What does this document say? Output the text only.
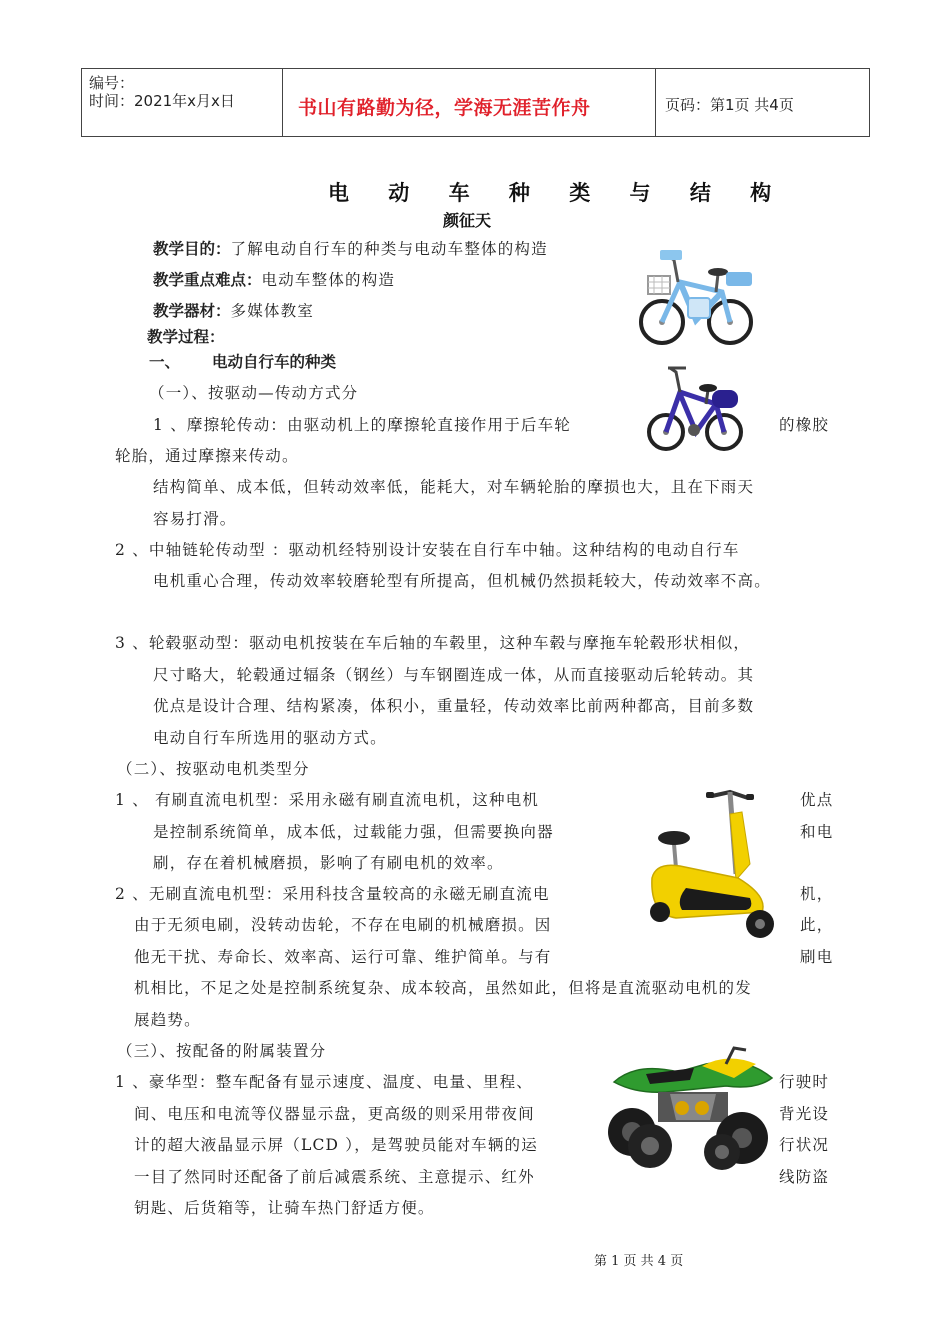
编号：
时间：2021年x月x日	书山有路勤为径，学海无涯苦作舟	页码：第1页 共4页
电 动 车 种 类 与 结 构
颜征天
教学目的：了解电动自行车的种类与电动车整体的构造
教学重点难点：电动车整体的构造
教学器材：多媒体教室
教学过程：
一、 电动自行车的种类
（一）、按驱动—传动方式分
1 、摩擦轮传动：由驱动机上的摩擦轮直接作用于后车轮	的橡胶
轮胎，通过摩擦来传动。
结构简单、成本低，但转动效率低，能耗大，对车辆轮胎的摩损也大，且在下雨天
容易打滑。
2 、中轴链轮传动型 ：驱动机经特别设计安装在自行车中轴。这种结构的电动自行车
电机重心合理，传动效率较磨轮型有所提高，但机械仍然损耗较大，传动效率不高。
3 、轮毂驱动型：驱动电机按装在车后轴的车毂里，这种车毂与摩拖车轮毂形状相似，
尺寸略大，轮毂通过辐条（钢丝）与车钢圈连成一体，从而直接驱动后轮转动。其
优点是设计合理、结构紧凑，体积小，重量轻，传动效率比前两种都高，目前多数
电动自行车所选用的驱动方式。
（二）、按驱动电机类型分
1 、 有刷直流电机型：采用永磁有刷直流电机，这种电机	优点
是控制系统简单，成本低，过载能力强，但需要换向器	和电
刷，存在着机械磨损，影响了有刷电机的效率。
2 、无刷直流电机型：采用科技含量较高的永磁无刷直流电	机，
由于无须电刷，没转动齿轮，不存在电刷的机械磨损。因	此，
他无干扰、寿命长、效率高、运行可靠、维护简单。与有	刷电
机相比，不足之处是控制系统复杂、成本较高，虽然如此，但将是直流驱动电机的发
展趋势。
（三）、按配备的附属装置分
1 、豪华型：整车配备有显示速度、温度、电量、里程、	行驶时
间、电压和电流等仪器显示盘，更高级的则采用带夜间	背光设
计的超大液晶显示屏（LCD ），是驾驶员能对车辆的运	行状况
一目了然同时还配备了前后减震系统、主意提示、红外	线防盗
钥匙、后货箱等，让骑车热门舒适方便。
第 1 页 共 4 页
